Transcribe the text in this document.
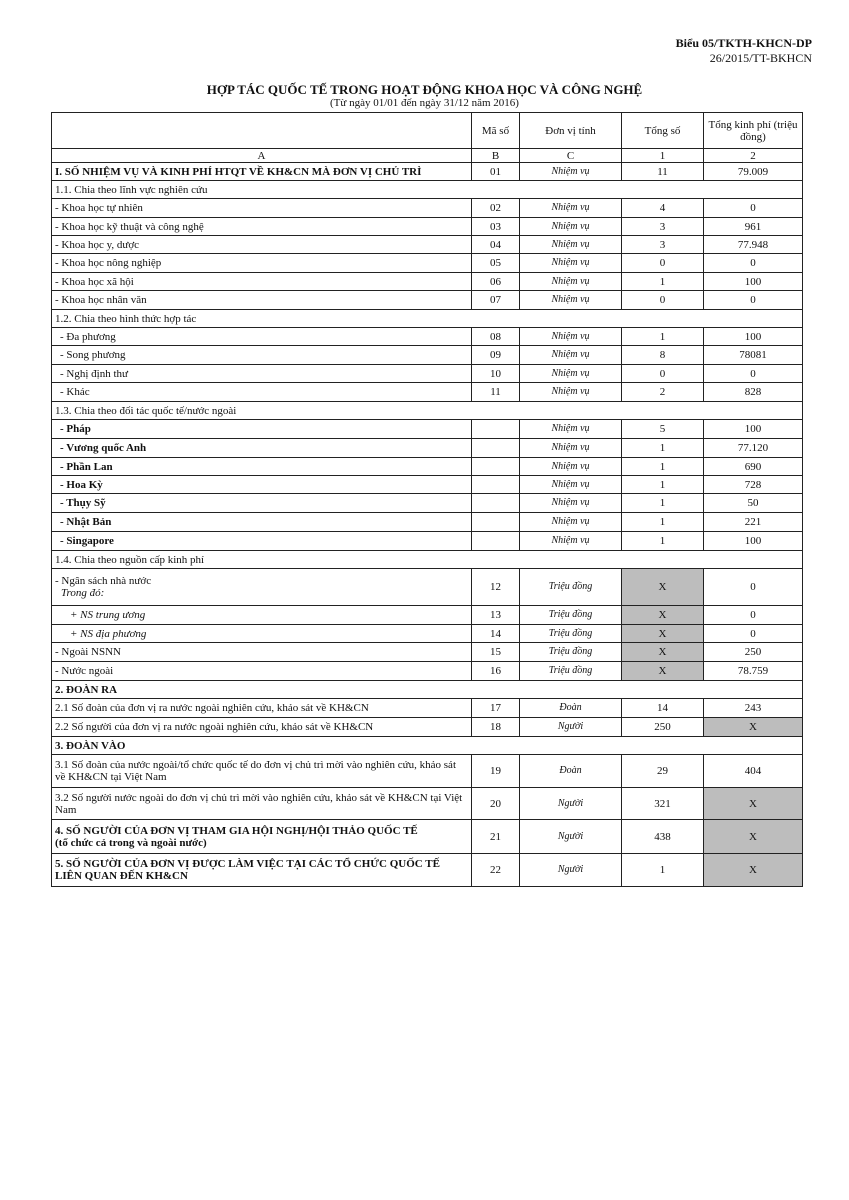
Biểu 05/TKTH-KHCN-DP
26/2015/TT-BKHCN
HỢP TÁC QUỐC TẾ TRONG HOẠT ĐỘNG KHOA HỌC VÀ CÔNG NGHỆ
(Từ ngày 01/01 đến ngày 31/12 năm 2016)
	Mã số	Đơn vị tính	Tổng số	Tổng kinh phí (triệu đồng)
A	B	C	1	2
I. SỐ NHIỆM VỤ VÀ KINH PHÍ HTQT VỀ KH&CN MÀ ĐƠN VỊ CHỦ TRÌ	01	Nhiệm vụ	11	79.009
1.1. Chia theo lĩnh vực nghiên cứu				
- Khoa học tự nhiên	02	Nhiệm vụ	4	0
- Khoa học kỹ thuật và công nghệ	03	Nhiệm vụ	3	961
- Khoa học y, dược	04	Nhiệm vụ	3	77.948
- Khoa học nông nghiệp	05	Nhiệm vụ	0	0
- Khoa học xã hội	06	Nhiệm vụ	1	100
- Khoa học nhân văn	07	Nhiệm vụ	0	0
1.2. Chia theo hình thức hợp tác				
- Đa phương	08	Nhiệm vụ	1	100
- Song phương	09	Nhiệm vụ	8	78081
- Nghị định thư	10	Nhiệm vụ	0	0
- Khác	11	Nhiệm vụ	2	828
1.3. Chia theo đối tác quốc tế/nước ngoài				
- Pháp		Nhiệm vụ	5	100
- Vương quốc Anh		Nhiệm vụ	1	77.120
- Phần Lan		Nhiệm vụ	1	690
- Hoa Kỳ		Nhiệm vụ	1	728
- Thụy Sỹ		Nhiệm vụ	1	50
- Nhật Bản		Nhiệm vụ	1	221
- Singapore		Nhiệm vụ	1	100
1.4. Chia theo nguồn cấp kinh phí				
- Ngân sách nhà nước
Trong đó:	12	Triệu đồng	X	0
+ NS trung ương	13	Triệu đồng	X	0
+ NS địa phương	14	Triệu đồng	X	0
- Ngoài NSNN	15	Triệu đồng	X	250
- Nước ngoài	16	Triệu đồng	X	78.759
2. ĐOÀN RA				
2.1 Số đoàn của đơn vị ra nước ngoài nghiên cứu, khảo sát về KH&CN	17	Đoàn	14	243
2.2 Số người của đơn vị ra nước ngoài nghiên cứu, khảo sát về KH&CN	18	Người	250	X
3. ĐOÀN VÀO				
3.1 Số đoàn của nước ngoài/tổ chức quốc tế do đơn vị chủ trì mời vào nghiên cứu, khảo sát về KH&CN tại Việt Nam	19	Đoàn	29	404
3.2 Số người nước ngoài do đơn vị chủ trì mời vào nghiên cứu, khảo sát về KH&CN tại Việt Nam	20	Người	321	X
4. SỐ NGƯỜI CỦA ĐƠN VỊ THAM GIA HỘI NGHỊ/HỘI THẢO QUỐC TẾ
(tổ chức cả trong và ngoài nước)	21	Người	438	X
5. SỐ NGƯỜI CỦA ĐƠN VỊ ĐƯỢC LÀM VIỆC TẠI CÁC TỔ CHỨC QUỐC TẾ LIÊN QUAN ĐẾN KH&CN	22	Người	1	X
